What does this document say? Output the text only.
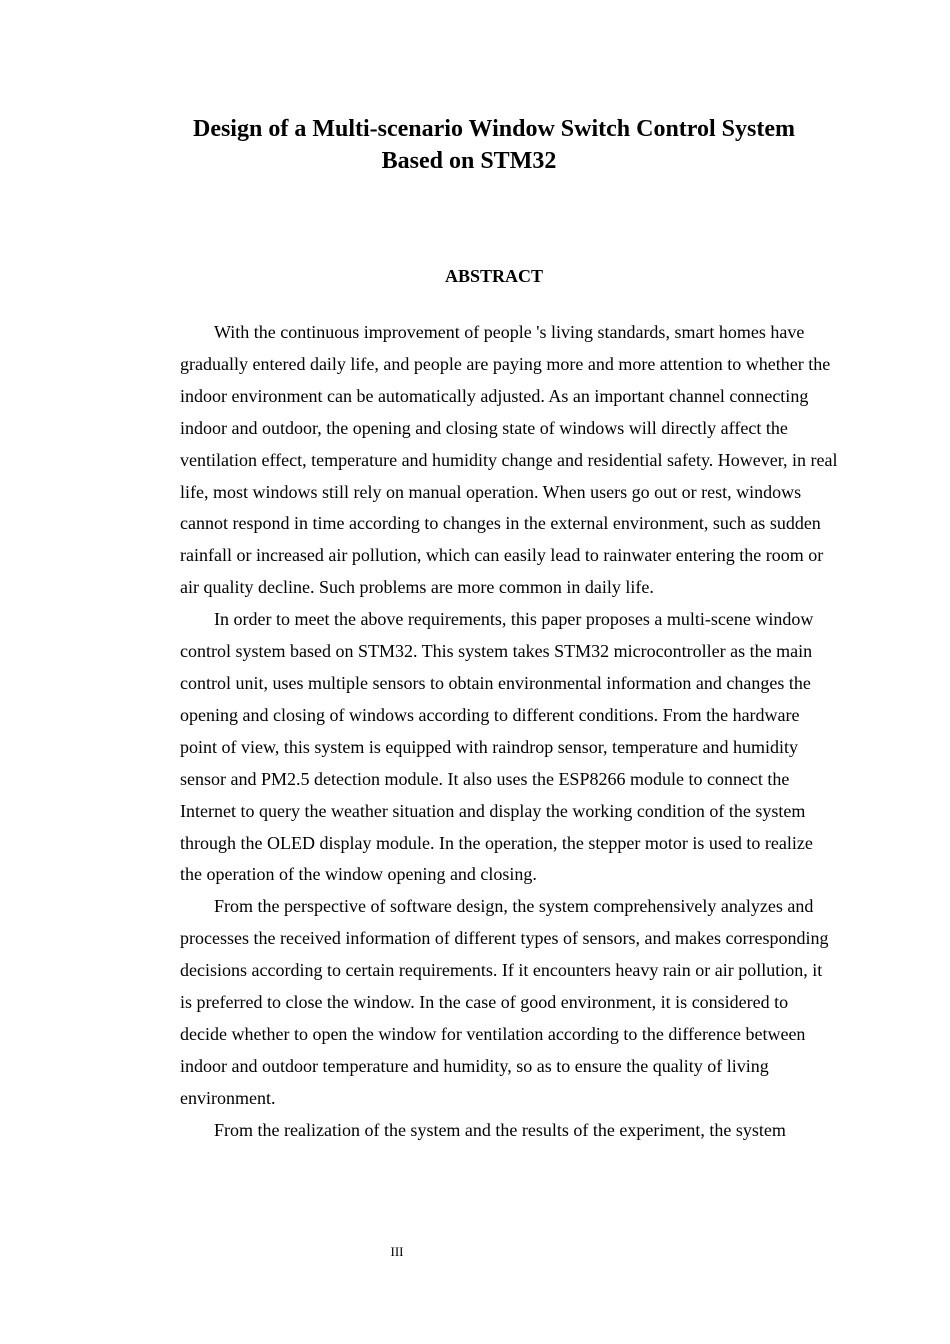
Design of a Multi-scenario Window Switch Control System
Based on STM32
ABSTRACT

With the continuous improvement of people 's living standards, smart homes have gradually entered daily life, and people are paying more and more attention to whether the indoor environment can be automatically adjusted. As an important channel connecting indoor and outdoor, the opening and closing state of windows will directly affect the ventilation effect, temperature and humidity change and residential safety. However, in real life, most windows still rely on manual operation. When users go out or rest, windows cannot respond in time according to changes in the external environment, such as sudden rainfall or increased air pollution, which can easily lead to rainwater entering the room or air quality decline. Such problems are more common in daily life.

In order to meet the above requirements, this paper proposes a multi-scene window control system based on STM32. This system takes STM32 microcontroller as the main control unit, uses multiple sensors to obtain environmental information and changes the opening and closing of windows according to different conditions. From the hardware point of view, this system is equipped with raindrop sensor, temperature and humidity sensor and PM2.5 detection module. It also uses the ESP8266 module to connect the Internet to query the weather situation and display the working condition of the system through the OLED display module. In the operation, the stepper motor is used to realize the operation of the window opening and closing.

From the perspective of software design, the system comprehensively analyzes and processes the received information of different types of sensors, and makes corresponding decisions according to certain requirements. If it encounters heavy rain or air pollution, it is preferred to close the window. In the case of good environment, it is considered to decide whether to open the window for ventilation according to the difference between indoor and outdoor temperature and humidity, so as to ensure the quality of living environment.

From the realization of the system and the results of the experiment, the system

III
